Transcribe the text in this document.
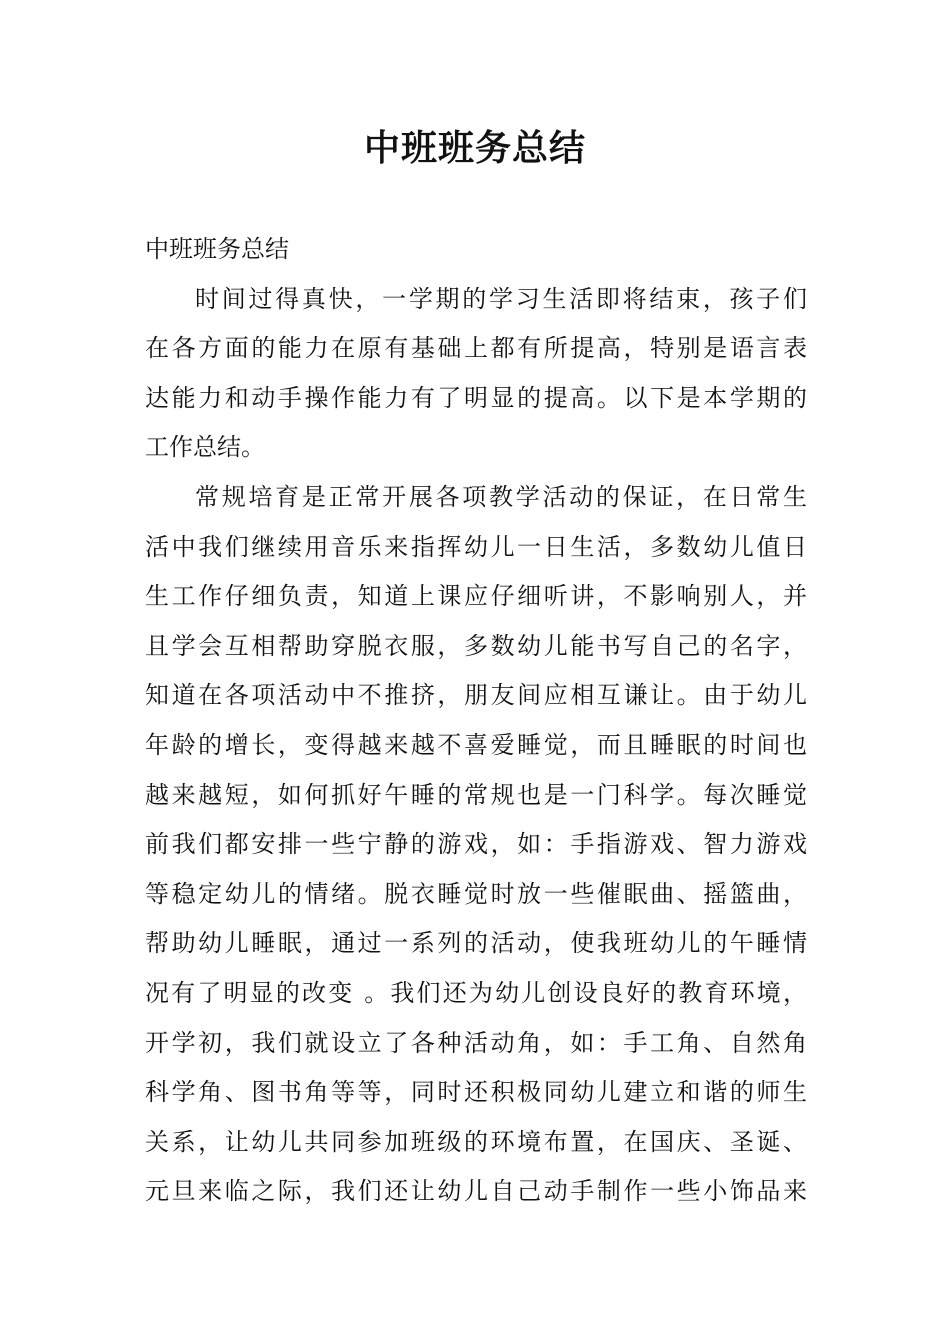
中班班务总结
中班班务总结
时间过得真快，一学期的学习生活即将结束，孩子们
在各方面的能力在原有基础上都有所提高，特别是语言表
达能力和动手操作能力有了明显的提高。以下是本学期的
工作总结。
常规培育是正常开展各项教学活动的保证，在日常生
活中我们继续用音乐来指挥幼儿一日生活，多数幼儿值日
生工作仔细负责，知道上课应仔细听讲，不影响别人，并
且学会互相帮助穿脱衣服，多数幼儿能书写自己的名字，
知道在各项活动中不推挤，朋友间应相互谦让。由于幼儿
年龄的增长，变得越来越不喜爱睡觉，而且睡眠的时间也
越来越短，如何抓好午睡的常规也是一门科学。每次睡觉
前我们都安排一些宁静的游戏，如：手指游戏、智力游戏
等稳定幼儿的情绪。脱衣睡觉时放一些催眠曲、摇篮曲，
帮助幼儿睡眠，通过一系列的活动，使我班幼儿的午睡情
况有了明显的改变 。我们还为幼儿创设良好的教育环境，
开学初，我们就设立了各种活动角，如：手工角、自然角
科学角、图书角等等，同时还积极同幼儿建立和谐的师生
关系，让幼儿共同参加班级的环境布置，在国庆、圣诞、
元旦来临之际，我们还让幼儿自己动手制作一些小饰品来
